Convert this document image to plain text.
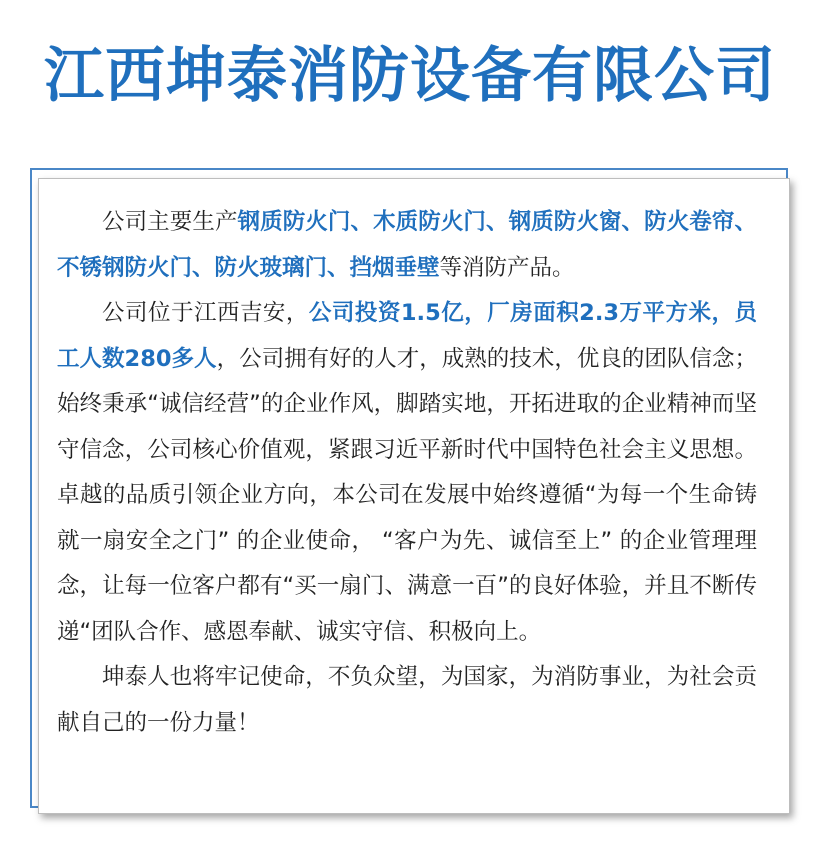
江西坤泰消防设备有限公司

公司主要生产钢质防火门、木质防火门、钢质防火窗、防火卷帘、不锈钢防火门、防火玻璃门、挡烟垂壁等消防产品。

公司位于江西吉安，公司投资1.5亿，厂房面积2.3万平方米，员工人数280多人，公司拥有好的人才，成熟的技术，优良的团队信念；始终秉承“诚信经营”的企业作风，脚踏实地，开拓进取的企业精神而坚守信念，公司核心价值观，紧跟习近平新时代中国特色社会主义思想。卓越的品质引领企业方向，本公司在发展中始终遵循“为每一个生命铸就一扇安全之门” 的企业使命， “客户为先、诚信至上” 的企业管理理念，让每一位客户都有“买一扇门、满意一百”的良好体验，并且不断传递“团队合作、感恩奉献、诚实守信、积极向上。

坤泰人也将牢记使命，不负众望，为国家，为消防事业，为社会贡献自己的一份力量！
